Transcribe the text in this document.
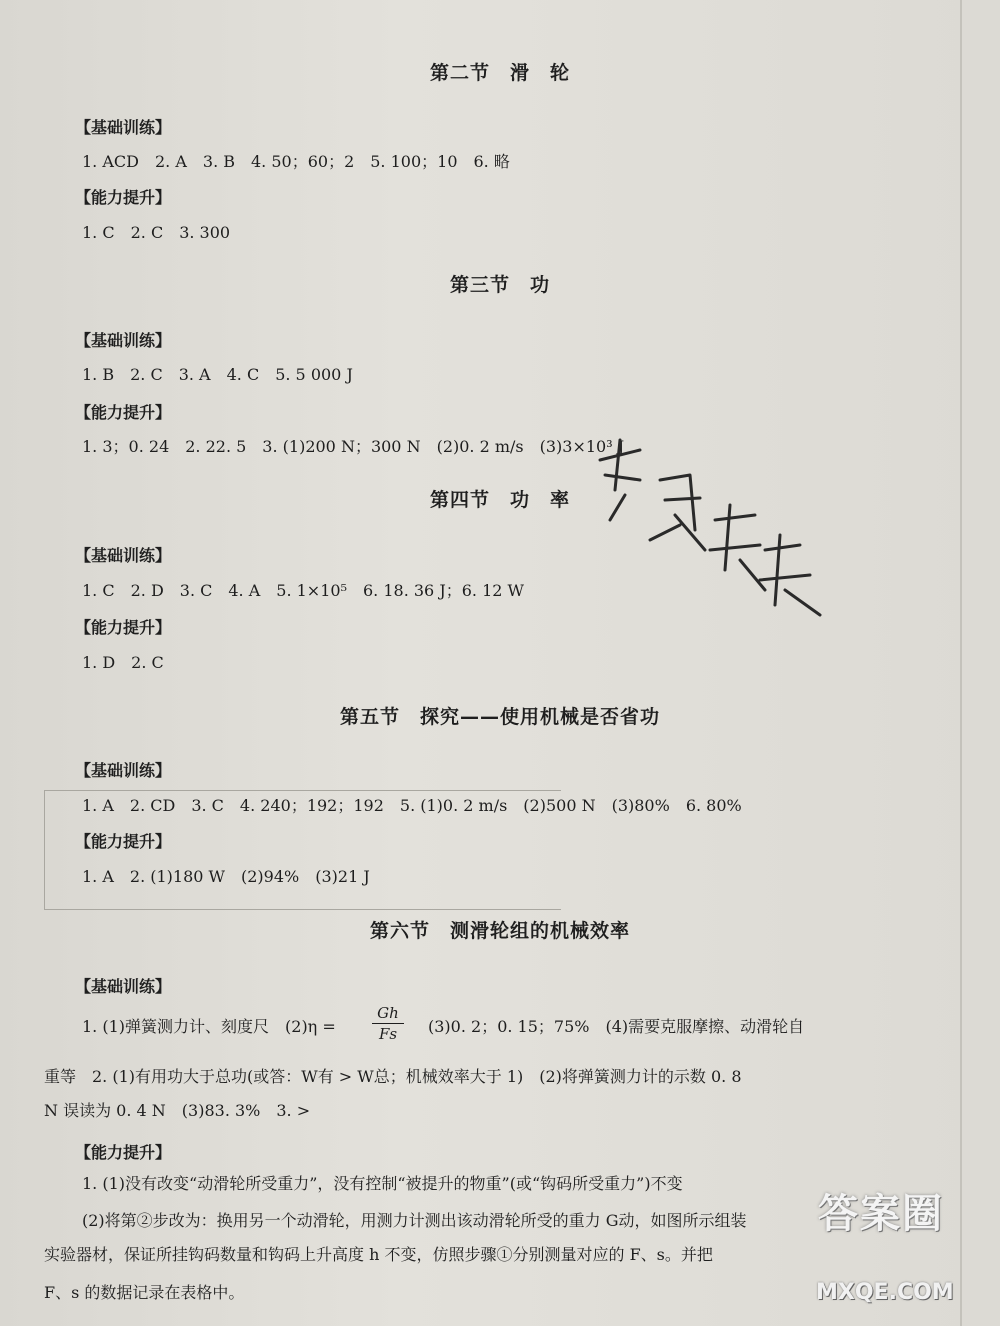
第二节　滑　轮
【基础训练】
1. ACD　2. A　3. B　4. 50；60；2　5. 100；10　6. 略
【能力提升】
1. C　2. C　3. 300
第三节　功
【基础训练】
1. B　2. C　3. A　4. C　5. 5 000 J
【能力提升】
1. 3；0. 24　2. 22. 5　3. (1)200 N；300 N　(2)0. 2 m/s　(3)3×10³ J
第四节　功　率
【基础训练】
1. C　2. D　3. C　4. A　5. 1×10⁵　6. 18. 36 J；6. 12 W
【能力提升】
1. D　2. C
第五节　探究——使用机械是否省功
【基础训练】
1. A　2. CD　3. C　4. 240；192；192　5. (1)0. 2 m/s　(2)500 N　(3)80%　6. 80%
【能力提升】
1. A　2. (1)180 W　(2)94%　(3)21 J
第六节　测滑轮组的机械效率
【基础训练】
1. (1)弹簧测力计、刻度尺　(2)η =
Gh
Fs	(3)0. 2；0. 15；75%　(4)需要克服摩擦、动滑轮自
重等　2. (1)有用功大于总功(或答：W有 > W总；机械效率大于 1)　(2)将弹簧测力计的示数 0. 8
N 误读为 0. 4 N　(3)83. 3%　3. >
【能力提升】
1. (1)没有改变“动滑轮所受重力”，没有控制“被提升的物重”(或“钩码所受重力”)不变
(2)将第②步改为：换用另一个动滑轮，用测力计测出该动滑轮所受的重力 G动，如图所示组装
实验器材，保证所挂钩码数量和钩码上升高度 h 不变，仿照步骤①分别测量对应的 F、s。并把
F、s 的数据记录在表格中。
答案圈
MXQE.COM
